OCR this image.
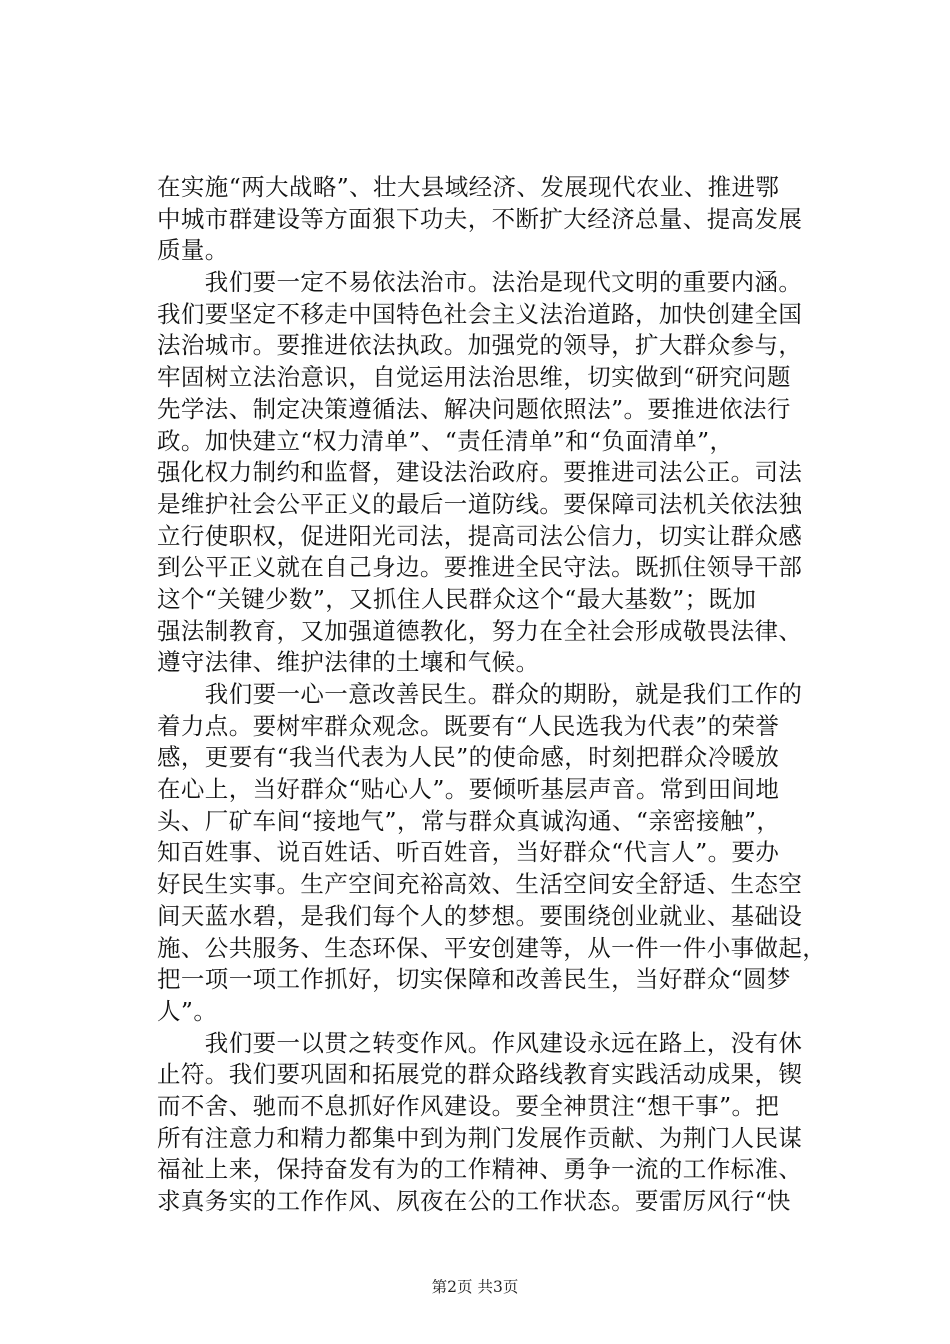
在实施“两大战略”、壮大县域经济、发展现代农业、推进鄂
中城市群建设等方面狠下功夫，不断扩大经济总量、提高发展
质量。
　　我们要一定不易依法治市。法治是现代文明的重要内涵。
我们要坚定不移走中国特色社会主义法治道路，加快创建全国
法治城市。要推进依法执政。加强党的领导，扩大群众参与，
牢固树立法治意识，自觉运用法治思维，切实做到“研究问题
先学法、制定决策遵循法、解决问题依照法”。要推进依法行
政。加快建立“权力清单”、“责任清单”和“负面清单”，
强化权力制约和监督，建设法治政府。要推进司法公正。司法
是维护社会公平正义的最后一道防线。要保障司法机关依法独
立行使职权，促进阳光司法，提高司法公信力，切实让群众感
到公平正义就在自己身边。要推进全民守法。既抓住领导干部
这个“关键少数”，又抓住人民群众这个“最大基数”；既加
强法制教育，又加强道德教化，努力在全社会形成敬畏法律、
遵守法律、维护法律的土壤和气候。
　　我们要一心一意改善民生。群众的期盼，就是我们工作的
着力点。要树牢群众观念。既要有“人民选我为代表”的荣誉
感，更要有“我当代表为人民”的使命感，时刻把群众冷暖放
在心上，当好群众“贴心人”。要倾听基层声音。常到田间地
头、厂矿车间“接地气”，常与群众真诚沟通、“亲密接触”，
知百姓事、说百姓话、听百姓音，当好群众“代言人”。要办
好民生实事。生产空间充裕高效、生活空间安全舒适、生态空
间天蓝水碧，是我们每个人的梦想。要围绕创业就业、基础设
施、公共服务、生态环保、平安创建等，从一件一件小事做起，
把一项一项工作抓好，切实保障和改善民生，当好群众“圆梦
人”。
　　我们要一以贯之转变作风。作风建设永远在路上，没有休
止符。我们要巩固和拓展党的群众路线教育实践活动成果，锲
而不舍、驰而不息抓好作风建设。要全神贯注“想干事”。把
所有注意力和精力都集中到为荆门发展作贡献、为荆门人民谋
福祉上来，保持奋发有为的工作精神、勇争一流的工作标准、
求真务实的工作作风、夙夜在公的工作状态。要雷厉风行“快
第2页 共3页
